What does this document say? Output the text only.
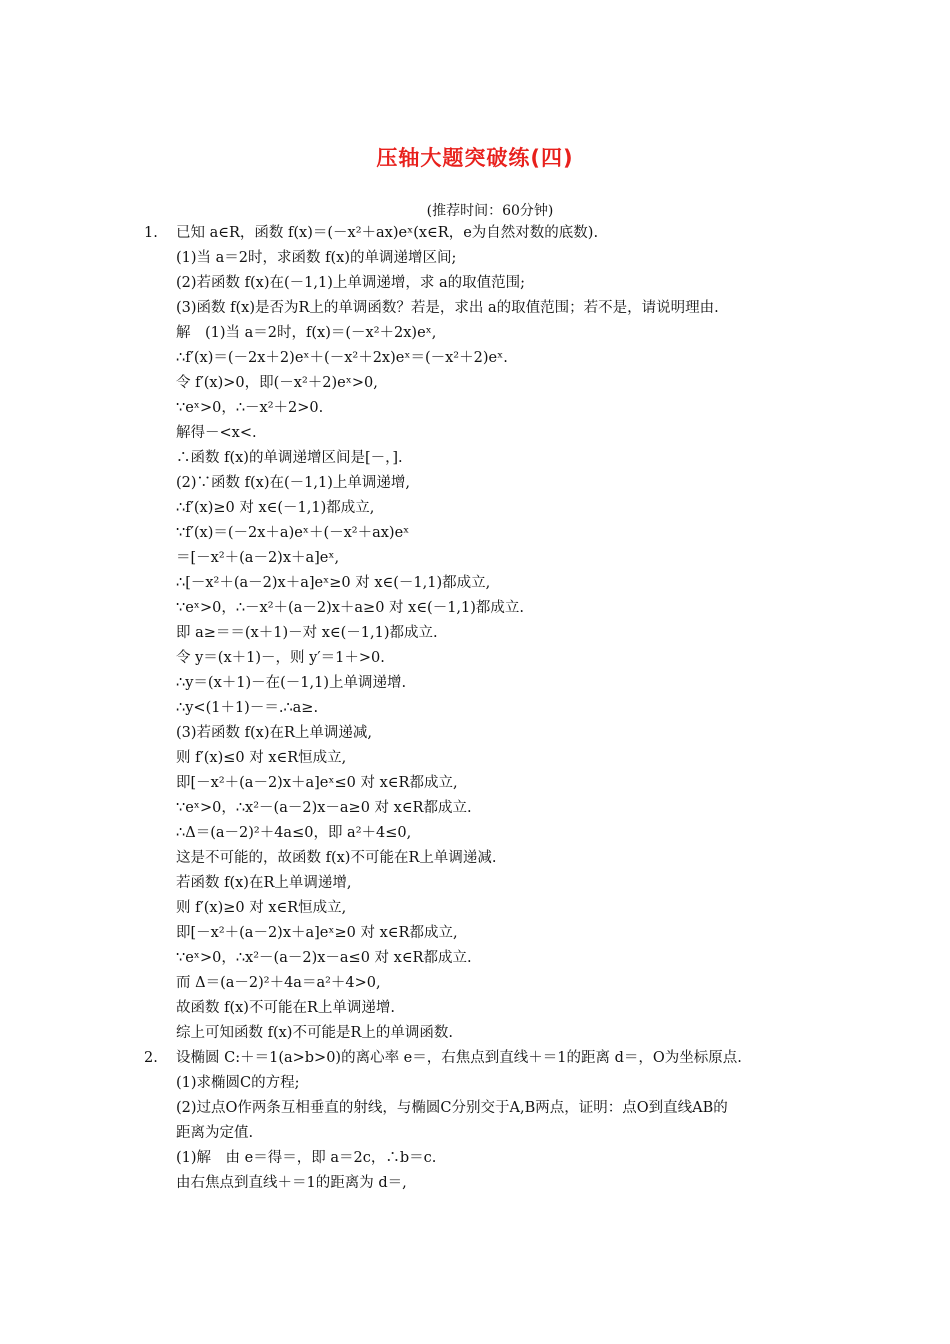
压轴大题突破练(四)
(推荐时间：60分钟)
1.
2.
已知 a∈R，函数 f(x)＝(－x²＋ax)eˣ(x∈R，e为自然对数的底数).
(1)当 a＝2时，求函数 f(x)的单调递增区间;
(2)若函数 f(x)在(－1,1)上单调递增，求 a的取值范围;
(3)函数 f(x)是否为R上的单调函数？若是，求出 a的取值范围；若不是，请说明理由.
解　(1)当 a＝2时，f(x)＝(－x²＋2x)eˣ,
∴f′(x)＝(－2x＋2)eˣ＋(－x²＋2x)eˣ＝(－x²＋2)eˣ.
令 f′(x)>0，即(－x²＋2)eˣ>0,
∵eˣ>0，∴－x²＋2>0.
解得－<x<.
∴函数 f(x)的单调递增区间是[－，].
(2)∵函数 f(x)在(－1,1)上单调递增,
∴f′(x)≥0 对 x∈(－1,1)都成立,
∵f′(x)＝(－2x＋a)eˣ＋(－x²＋ax)eˣ
＝[－x²＋(a－2)x＋a]eˣ,
∴[－x²＋(a－2)x＋a]eˣ≥0 对 x∈(－1,1)都成立,
∵eˣ>0，∴－x²＋(a－2)x＋a≥0 对 x∈(－1,1)都成立.
即 a≥＝＝(x＋1)－对 x∈(－1,1)都成立.
令 y＝(x＋1)－，则 y′＝1＋>0.
∴y＝(x＋1)－在(－1,1)上单调递增.
∴y<(1＋1)－＝.∴a≥.
(3)若函数 f(x)在R上单调递减,
则 f′(x)≤0 对 x∈R恒成立,
即[－x²＋(a－2)x＋a]eˣ≤0 对 x∈R都成立,
∵eˣ>0，∴x²－(a－2)x－a≥0 对 x∈R都成立.
∴Δ＝(a－2)²＋4a≤0，即 a²＋4≤0,
这是不可能的，故函数 f(x)不可能在R上单调递减.
若函数 f(x)在R上单调递增,
则 f′(x)≥0 对 x∈R恒成立,
即[－x²＋(a－2)x＋a]eˣ≥0 对 x∈R都成立,
∵eˣ>0，∴x²－(a－2)x－a≤0 对 x∈R都成立.
而 Δ＝(a－2)²＋4a＝a²＋4>0,
故函数 f(x)不可能在R上单调递增.
综上可知函数 f(x)不可能是R上的单调函数.
设椭圆 C:＋＝1(a>b>0)的离心率 e＝，右焦点到直线＋＝1的距离 d＝，O为坐标原点.
(1)求椭圆C的方程;
(2)过点O作两条互相垂直的射线，与椭圆C分别交于A,B两点，证明：点O到直线AB的
距离为定值.
(1)解　由 e＝得＝，即 a＝2c，∴b＝c.
由右焦点到直线＋＝1的距离为 d＝,
